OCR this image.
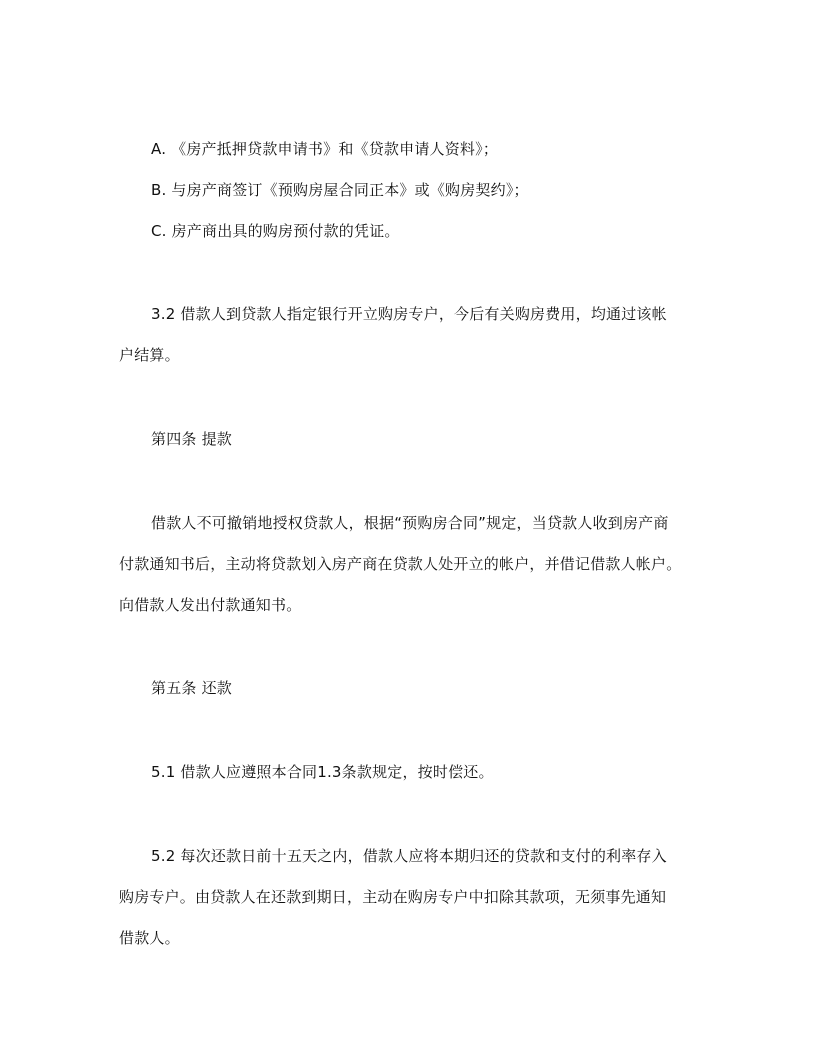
A. 《房产抵押贷款申请书》和《贷款申请人资料》；
B. 与房产商签订《预购房屋合同正本》或《购房契约》；
C. 房产商出具的购房预付款的凭证。
3.2 借款人到贷款人指定银行开立购房专户，今后有关购房费用，均通过该帐
户结算。
第四条 提款
借款人不可撤销地授权贷款人，根据“预购房合同”规定，当贷款人收到房产商
付款通知书后，主动将贷款划入房产商在贷款人处开立的帐户，并借记借款人帐户。
向借款人发出付款通知书。
第五条 还款
5.1 借款人应遵照本合同1.3条款规定，按时偿还。
5.2 每次还款日前十五天之内，借款人应将本期归还的贷款和支付的利率存入
购房专户。由贷款人在还款到期日，主动在购房专户中扣除其款项，无须事先通知
借款人。
